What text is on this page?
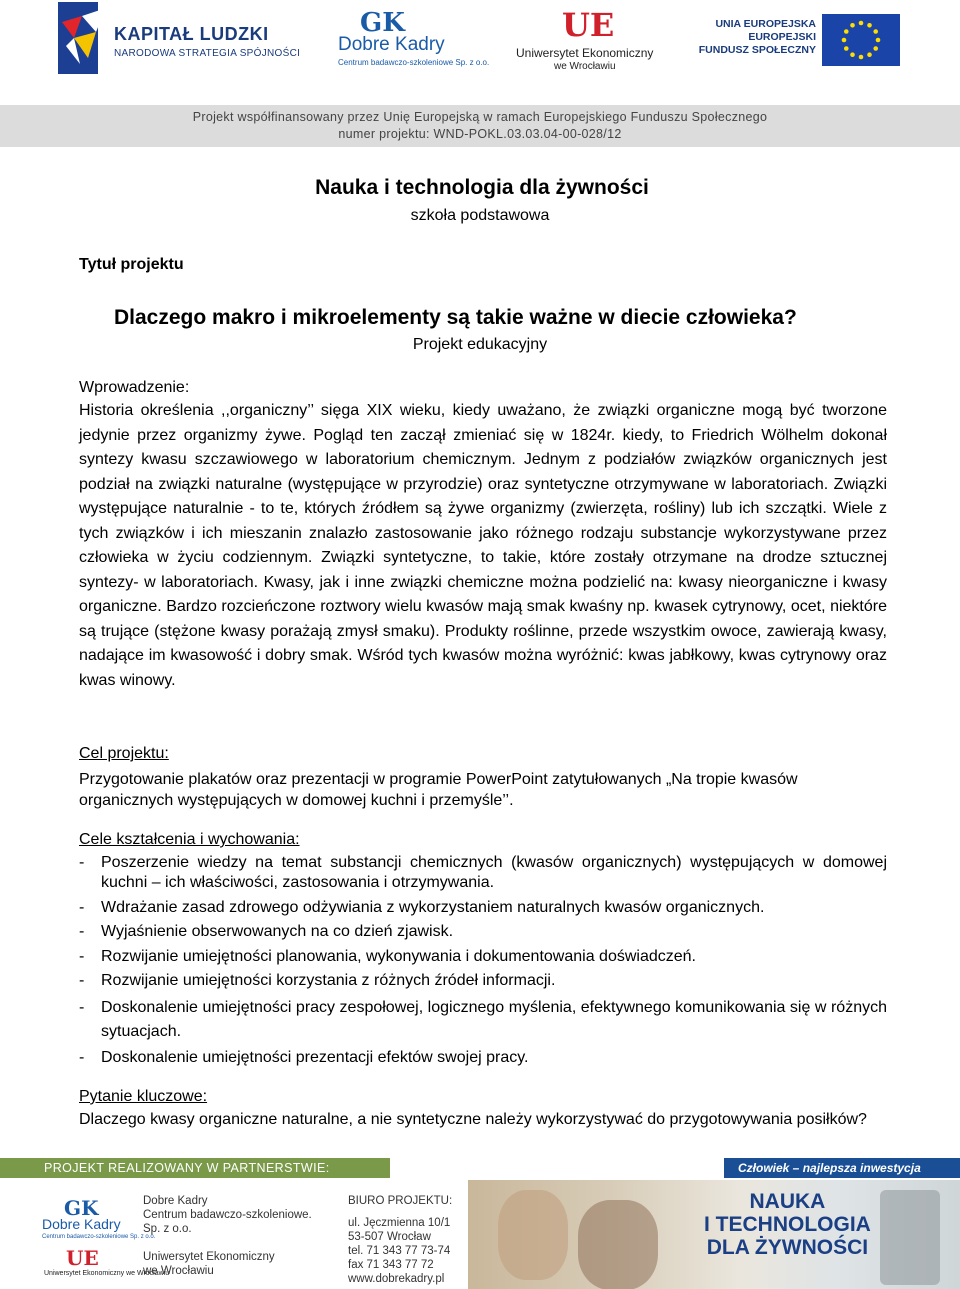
KAPITAŁ LUDZKI
NARODOWA STRATEGIA SPÓJNOŚCI
GK
Dobre Kadry
Centrum badawczo-szkoleniowe Sp. z o.o.
UE
Uniwersytet Ekonomiczny
we Wrocławiu
UNIA EUROPEJSKA
EUROPEJSKI
FUNDUSZ SPOŁECZNY
Projekt współfinansowany przez Unię Europejską w ramach Europejskiego Funduszu Społecznego
numer projektu: WND-POKL.03.03.04-00-028/12
Nauka i technologia dla żywności
szkoła podstawowa
Tytuł projektu
Dlaczego makro i mikroelementy są takie ważne w diecie człowieka?
Projekt edukacyjny
Wprowadzenie:

Historia określenia ,,organiczny’’ sięga XIX wieku, kiedy uważano, że związki organiczne mogą być tworzone jedynie przez organizmy żywe. Pogląd ten zaczął zmieniać się w 1824r. kiedy, to Friedrich Wölhelm dokonał syntezy kwasu szczawiowego w laboratorium chemicznym. Jednym z podziałów związków organicznych jest podział na związki naturalne (występujące w przyrodzie) oraz syntetyczne otrzymywane w laboratoriach. Związki występujące naturalnie - to te, których źródłem są żywe organizmy (zwierzęta, rośliny) lub ich szczątki. Wiele z tych związków i ich mieszanin znalazło zastosowanie jako różnego rodzaju substancje wykorzystywane przez człowieka w życiu codziennym. Związki syntetyczne, to takie, które zostały otrzymane na drodze sztucznej syntezy- w laboratoriach. Kwasy, jak i inne związki chemiczne można podzielić na: kwasy nieorganiczne i kwasy organiczne. Bardzo rozcieńczone roztwory wielu kwasów mają smak kwaśny np. kwasek cytrynowy, ocet, niektóre są trujące (stężone kwasy porażają zmysł smaku). Produkty roślinne, przede wszystkim owoce, zawierają kwasy, nadające im kwasowość i dobry smak. Wśród tych kwasów można wyróżnić: kwas jabłkowy, kwas cytrynowy oraz kwas winowy.

Cel projektu:

Przygotowanie plakatów oraz prezentacji w programie PowerPoint zatytułowanych „Na tropie kwasów organicznych występujących w domowej kuchni i przemyśle’’.

Cele kształcenia i wychowania:
- Poszerzenie wiedzy na temat substancji chemicznych (kwasów organicznych) występujących w domowej kuchni – ich właściwości, zastosowania i otrzymywania.
- Wdrażanie zasad zdrowego odżywiania z wykorzystaniem naturalnych kwasów organicznych.
- Wyjaśnienie obserwowanych na co dzień zjawisk.
- Rozwijanie umiejętności planowania, wykonywania i dokumentowania doświadczeń.
- Rozwijanie umiejętności korzystania z różnych źródeł informacji.
- Doskonalenie umiejętności pracy zespołowej, logicznego myślenia, efektywnego komunikowania się w różnych sytuacjach.
- Doskonalenie umiejętności prezentacji efektów swojej pracy.
Pytanie kluczowe:

Dlaczego kwasy organiczne naturalne, a nie syntetyczne należy wykorzystywać do przygotowywania posiłków?

PROJEKT REALIZOWANY W PARTNERSTWIE:	Człowiek – najlepsza inwestycja
GK
Dobre Kadry
Centrum badawczo-szkoleniowe Sp. z o.o.
Dobre Kadry
Centrum badawczo-szkoleniowe.
Sp. z o.o.
UE
Uniwersytet Ekonomiczny we Wrocławiu
Uniwersytet Ekonomiczny
we Wrocławiu
BIURO PROJEKTU:
ul. Jęczmienna 10/1
53-507 Wrocław
tel. 71 343 77 73-74
fax 71 343 77 72
www.dobrekadry.pl
NAUKA
I TECHNOLOGIA
DLA ŻYWNOŚCI
